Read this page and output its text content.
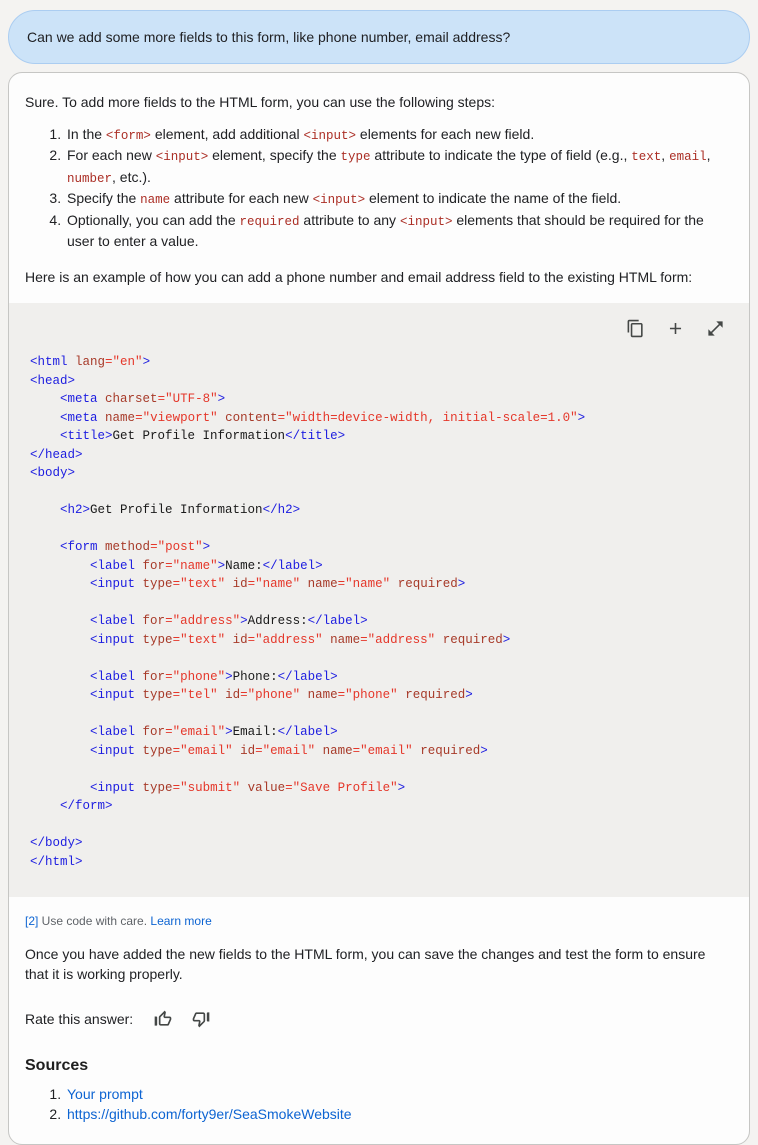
Can we add some more fields to this form, like phone number, email address?

Sure. To add more fields to the HTML form, you can use the following steps:

1. In the <form> element, add additional <input> elements for each new field.
2. For each new <input> element, specify the type attribute to indicate the type of field (e.g., text, email, number, etc.).
3. Specify the name attribute for each new <input> element to indicate the name of the field.
4. Optionally, you can add the required attribute to any <input> elements that should be required for the user to enter a value.

Here is an example of how you can add a phone number and email address field to the existing HTML form:

<html lang="en">
<head>
<meta charset="UTF-8">
<meta name="viewport" content="width=device-width, initial-scale=1.0">
<title>Get Profile Information</title>
</head>
<body>

<h2>Get Profile Information</h2>

<form method="post">
<label for="name">Name:</label>
<input type="text" id="name" name="name" required>

<label for="address">Address:</label>
<input type="text" id="address" name="address" required>

<label for="phone">Phone:</label>
<input type="tel" id="phone" name="phone" required>

<label for="email">Email:</label>
<input type="email" id="email" name="email" required>

<input type="submit" value="Save Profile">
</form>

</body>
</html>
[2] Use code with care. Learn more

Once you have added the new fields to the HTML form, you can save the changes and test the form to ensure that it is working properly.

Rate this answer:
Sources
1. Your prompt
2. https://github.com/forty9er/SeaSmokeWebsite
